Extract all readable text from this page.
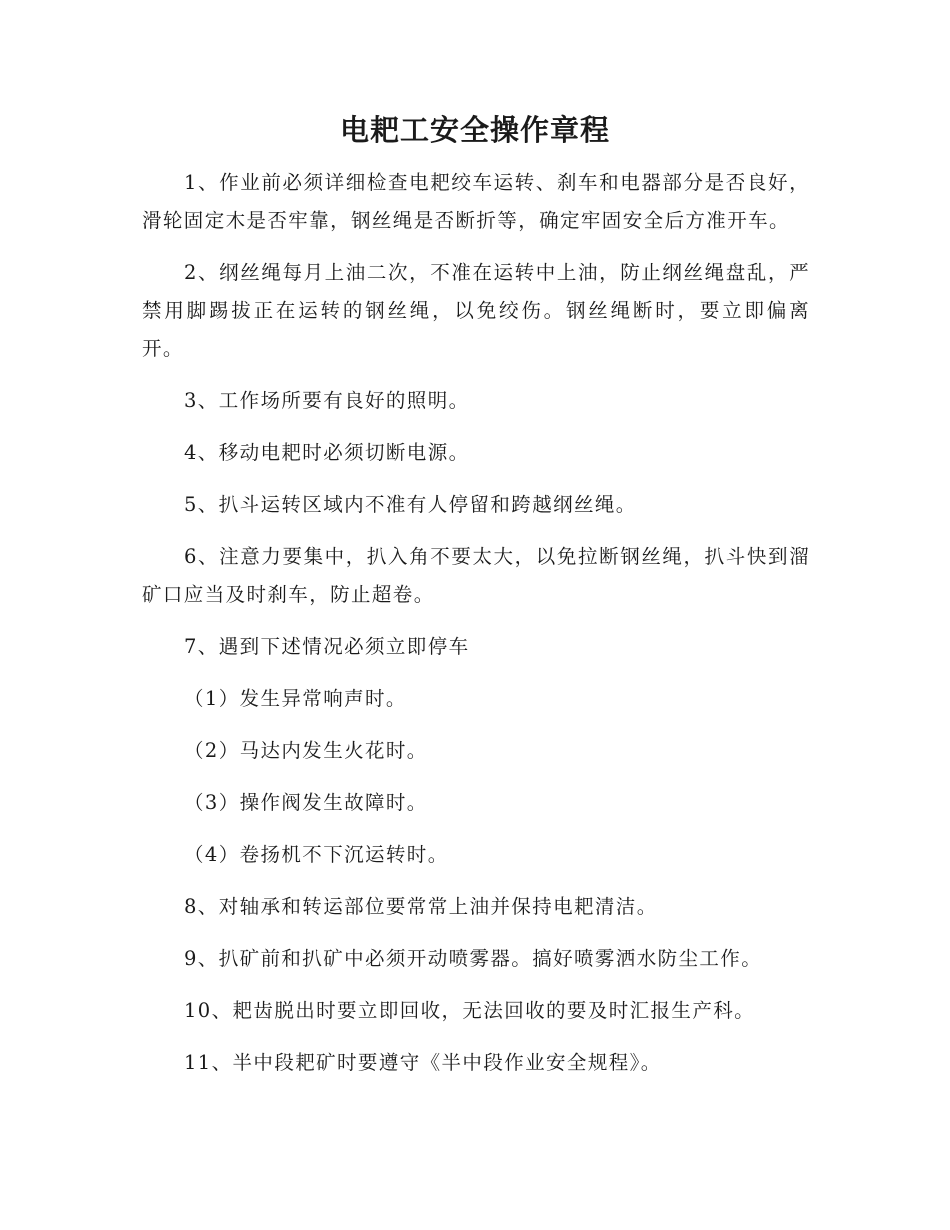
电耙工安全操作章程

1、作业前必须详细检查电耙绞车运转、刹车和电器部分是否良好，滑轮固定木是否牢靠，钢丝绳是否断折等，确定牢固安全后方准开车。

2、纲丝绳每月上油二次，不准在运转中上油，防止纲丝绳盘乱，严禁用脚踢拔正在运转的钢丝绳，以免绞伤。钢丝绳断时，要立即偏离开。

3、工作场所要有良好的照明。

4、移动电耙时必须切断电源。

5、扒斗运转区域内不准有人停留和跨越纲丝绳。

6、注意力要集中，扒入角不要太大，以免拉断钢丝绳，扒斗快到溜矿口应当及时刹车，防止超卷。

7、遇到下述情况必须立即停车

（1）发生异常响声时。

（2）马达内发生火花时。

（3）操作阀发生故障时。

（4）卷扬机不下沉运转时。

8、对轴承和转运部位要常常上油并保持电耙清洁。

9、扒矿前和扒矿中必须开动喷雾器。搞好喷雾洒水防尘工作。

10、耙齿脱出时要立即回收，无法回收的要及时汇报生产科。

11、半中段耙矿时要遵守《半中段作业安全规程》。
